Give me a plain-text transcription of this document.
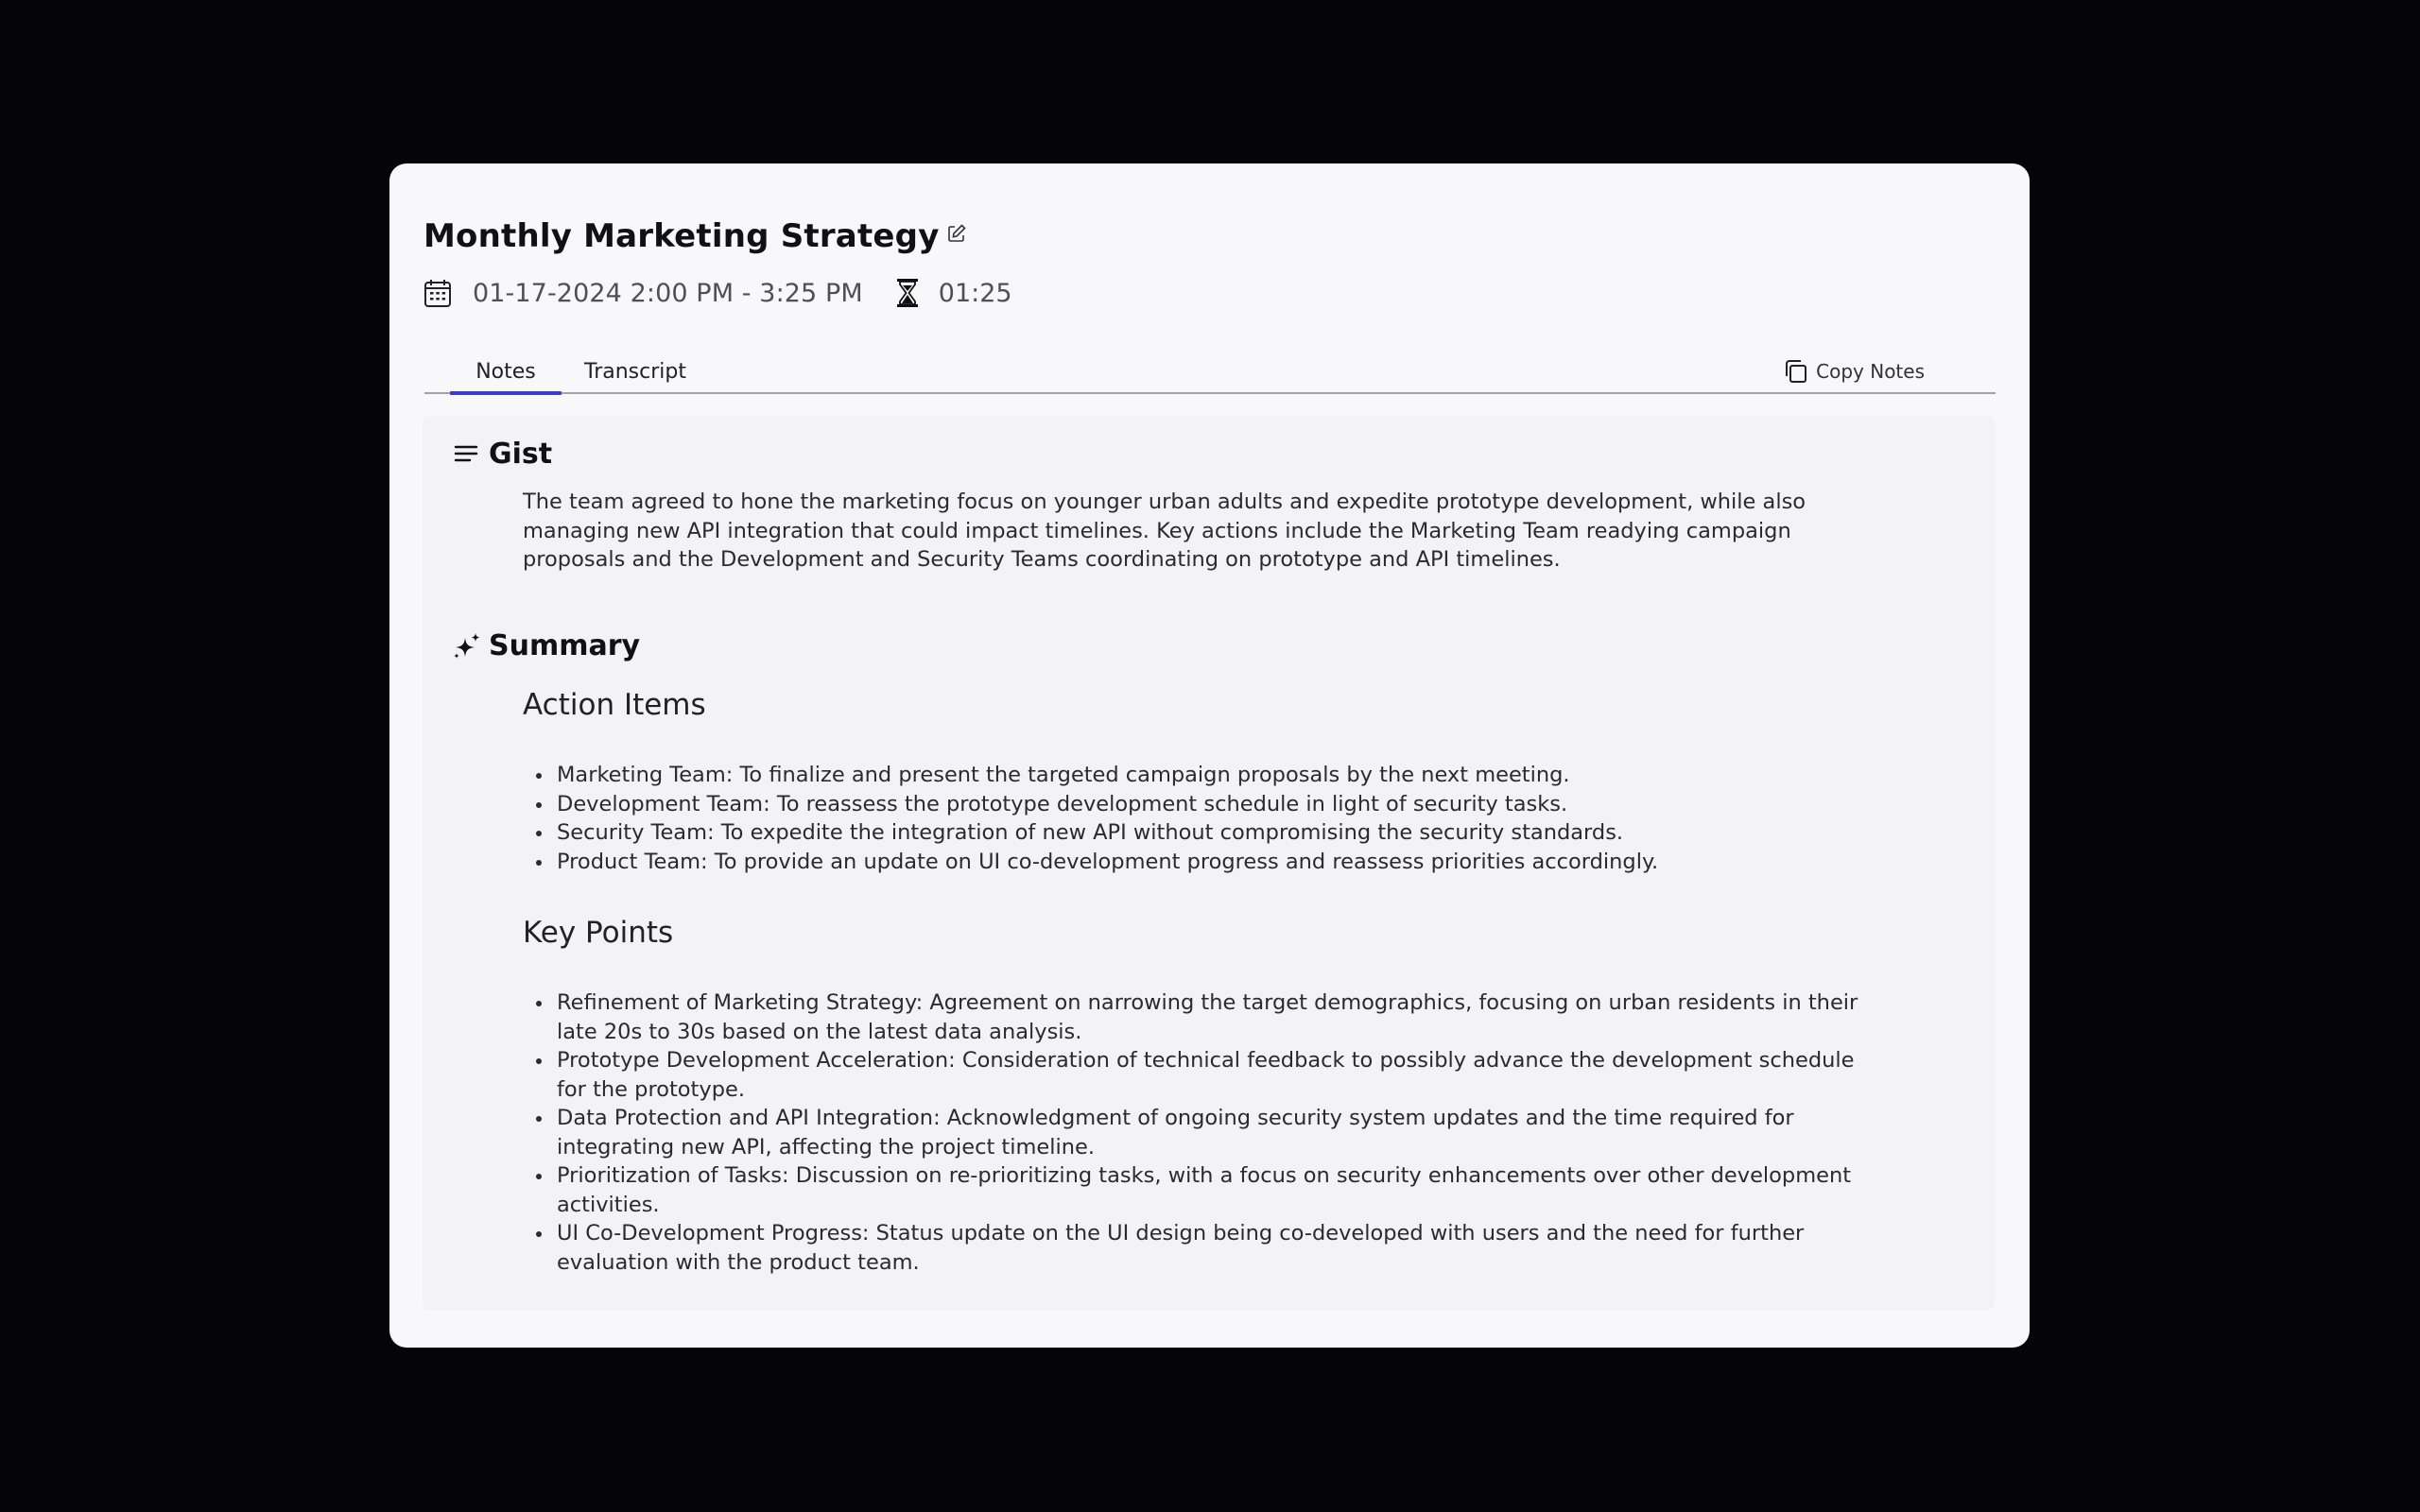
Monthly Marketing Strategy
01-17-2024 2:00 PM - 3:25 PM	01:25
Notes	Transcript	Copy Notes
Gist
The team agreed to hone the marketing focus on younger urban adults and expedite prototype development, while also managing new API integration that could impact timelines. Key actions include the Marketing Team readying campaign proposals and the Development and Security Teams coordinating on prototype and API timelines.
Summary
Action Items
Marketing Team: To finalize and present the targeted campaign proposals by the next meeting.
Development Team: To reassess the prototype development schedule in light of security tasks.
Security Team: To expedite the integration of new API without compromising the security standards.
Product Team: To provide an update on UI co-development progress and reassess priorities accordingly.
Key Points
Refinement of Marketing Strategy: Agreement on narrowing the target demographics, focusing on urban residents in their late 20s to 30s based on the latest data analysis.
Prototype Development Acceleration: Consideration of technical feedback to possibly advance the development schedule for the prototype.
Data Protection and API Integration: Acknowledgment of ongoing security system updates and the time required for integrating new API, affecting the project timeline.
Prioritization of Tasks: Discussion on re-prioritizing tasks, with a focus on security enhancements over other development activities.
UI Co-Development Progress: Status update on the UI design being co-developed with users and the need for further evaluation with the product team.
